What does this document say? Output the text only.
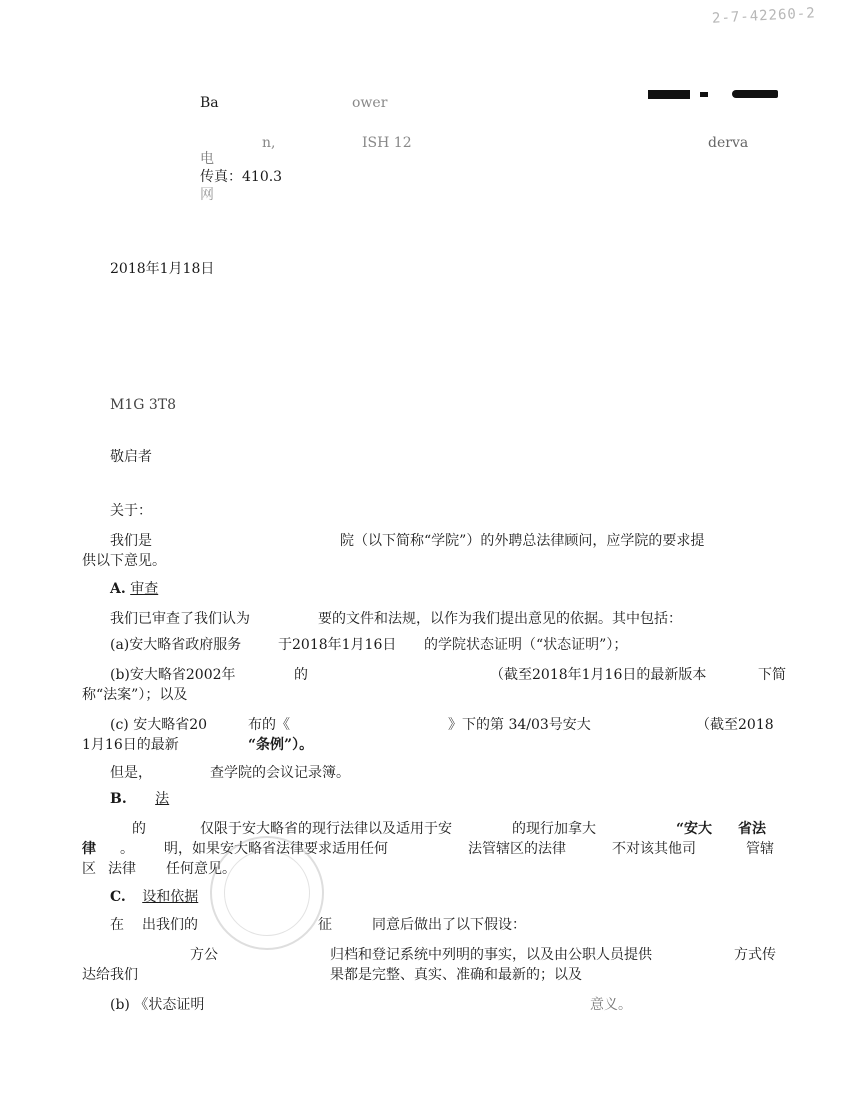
2-7-42260-2
Ba	ower
n,	ISH 12	derva
电
传真：410.3
网
2018年1月18日
M1G 3T8
敬启者
关于：
我们是	院（以下简称“学院”）的外聘总法律顾问，应学院的要求提
供以下意见。
A. 审查
我们已审查了我们认为	要的文件和法规，以作为我们提出意见的依据。其中包括：
(a)安大略省政府服务	于2018年1月16日 的学院状态证明（“状态证明”）；
(b)安大略省2002年	的	（截至2018年1月16日的最新版本	下简
称“法案”）；以及
(c) 安大略省20	布的《	》下的第 34/03号安大	（截至2018
1月16日的最新	“条例”）。
但是，	查学院的会议记录簿。
B. 法
的	仅限于安大略省的现行法律以及适用于安	的现行加拿大	“安大 省法
律 。 明，如果安大略省法律要求适用任何	法管辖区的法律	不对该其他司	管辖
区 法律 任何意见。
C. 设和依据
在 出我们的	征	同意后做出了以下假设：
方公	归档和登记系统中列明的事实，以及由公职人员提供	方式传
达给我们	果都是完整、真实、准确和最新的；以及
(b) 《状态证明	意义。
